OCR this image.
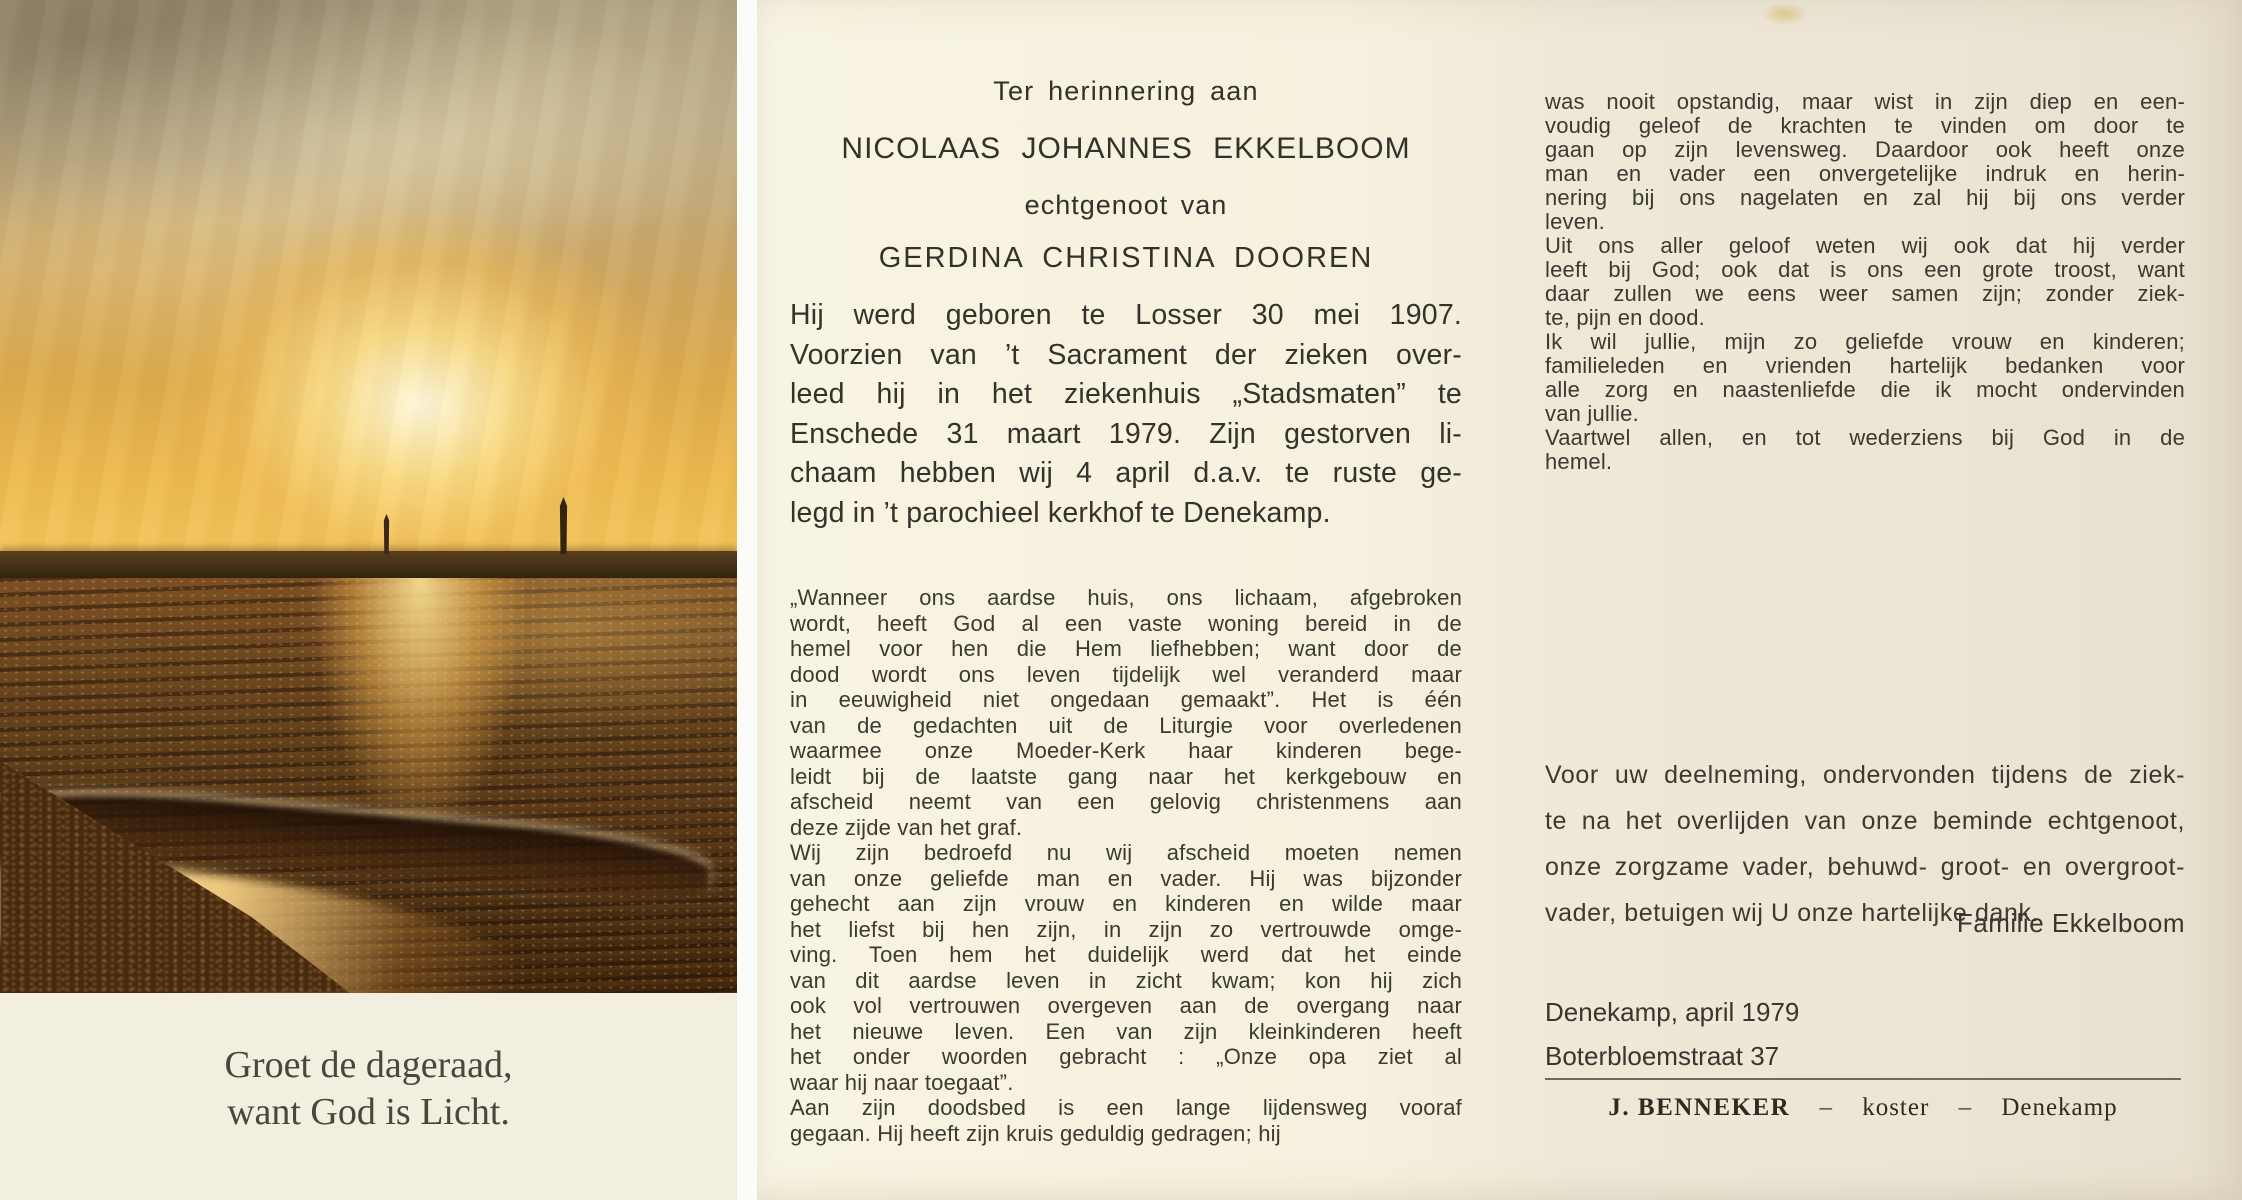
Groet de dageraad,
want God is Licht.
Ter herinnering aan
NICOLAAS JOHANNES EKKELBOOM
echtgenoot van
GERDINA CHRISTINA DOOREN
Hij werd geboren te Losser 30 mei 1907.
Voorzien van ’t Sacrament der zieken over-
leed hij in het ziekenhuis „Stadsmaten” te
Enschede 31 maart 1979. Zijn gestorven li-
chaam hebben wij 4 april d.a.v. te ruste ge-
legd in ’t parochieel kerkhof te Denekamp.
„Wanneer ons aardse huis, ons lichaam, afgebroken
wordt, heeft God al een vaste woning bereid in de
hemel voor hen die Hem liefhebben; want door de
dood wordt ons leven tijdelijk wel veranderd maar
in eeuwigheid niet ongedaan gemaakt”. Het is één
van de gedachten uit de Liturgie voor overledenen
waarmee onze Moeder-Kerk haar kinderen bege-
leidt bij de laatste gang naar het kerkgebouw en
afscheid neemt van een gelovig christenmens aan
deze zijde van het graf.
Wij zijn bedroefd nu wij afscheid moeten nemen
van onze geliefde man en vader. Hij was bijzonder
gehecht aan zijn vrouw en kinderen en wilde maar
het liefst bij hen zijn, in zijn zo vertrouwde omge-
ving. Toen hem het duidelijk werd dat het einde
van dit aardse leven in zicht kwam; kon hij zich
ook vol vertrouwen overgeven aan de overgang naar
het nieuwe leven. Een van zijn kleinkinderen heeft
het onder woorden gebracht : „Onze opa ziet al
waar hij naar toegaat”.
Aan zijn doodsbed is een lange lijdensweg vooraf
gegaan. Hij heeft zijn kruis geduldig gedragen; hij
was nooit opstandig, maar wist in zijn diep en een-
voudig geleof de krachten te vinden om door te
gaan op zijn levensweg. Daardoor ook heeft onze
man en vader een onvergetelijke indruk en herin-
nering bij ons nagelaten en zal hij bij ons verder
leven.
Uit ons aller geloof weten wij ook dat hij verder
leeft bij God; ook dat is ons een grote troost, want
daar zullen we eens weer samen zijn; zonder ziek-
te, pijn en dood.
Ik wil jullie, mijn zo geliefde vrouw en kinderen;
familieleden en vrienden hartelijk bedanken voor
alle zorg en naastenliefde die ik mocht ondervinden
van jullie.
Vaartwel allen, en tot wederziens bij God in de
hemel.
Voor uw deelneming, ondervonden tijdens de ziek-
te na het overlijden van onze beminde echtgenoot,
onze zorgzame vader, behuwd- groot- en overgroot-
vader, betuigen wij U onze hartelijke dank.
Familie Ekkelboom
Denekamp, april 1979
Boterbloemstraat 37
J. BENNEKER – koster – Denekamp
